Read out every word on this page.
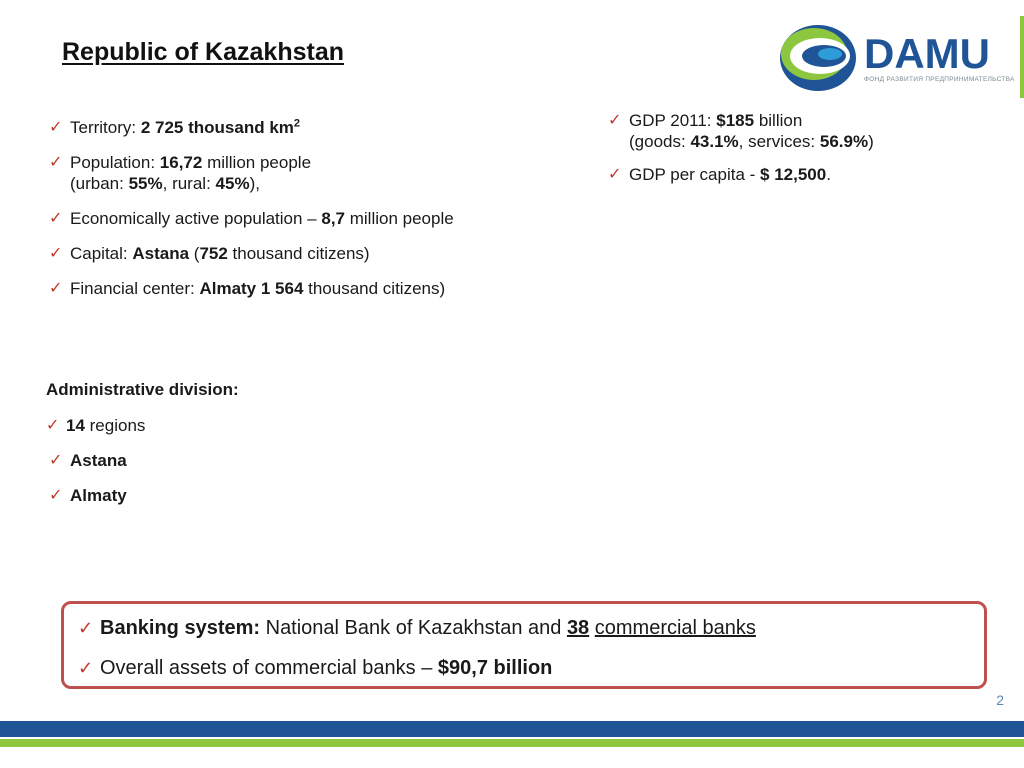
Republic of Kazakhstan	DAMU
ФОНД РАЗВИТИЯ ПРЕДПРИНИМАТЕЛЬСТВА
✓ Territory: 2 725 thousand $km^2$
✓ Population: 16,72 million people
(urban: 55%, rural: 45%),
✓ Economically active population – 8,7 million people
✓ Capital: Astana (752 thousand citizens)
✓ Financial center: Almaty 1 564 thousand citizens)
Administrative division:
✓ 14 regions
✓ Astana
✓ Almaty
✓ GDP 2011: $185 billion
(goods: 43.1%, services: 56.9%)
✓ GDP per capita - $ 12,500.
✓ Banking system: National Bank of Kazakhstan and 38 commercial banks
✓ Overall assets of commercial banks – $90,7 billion
2
